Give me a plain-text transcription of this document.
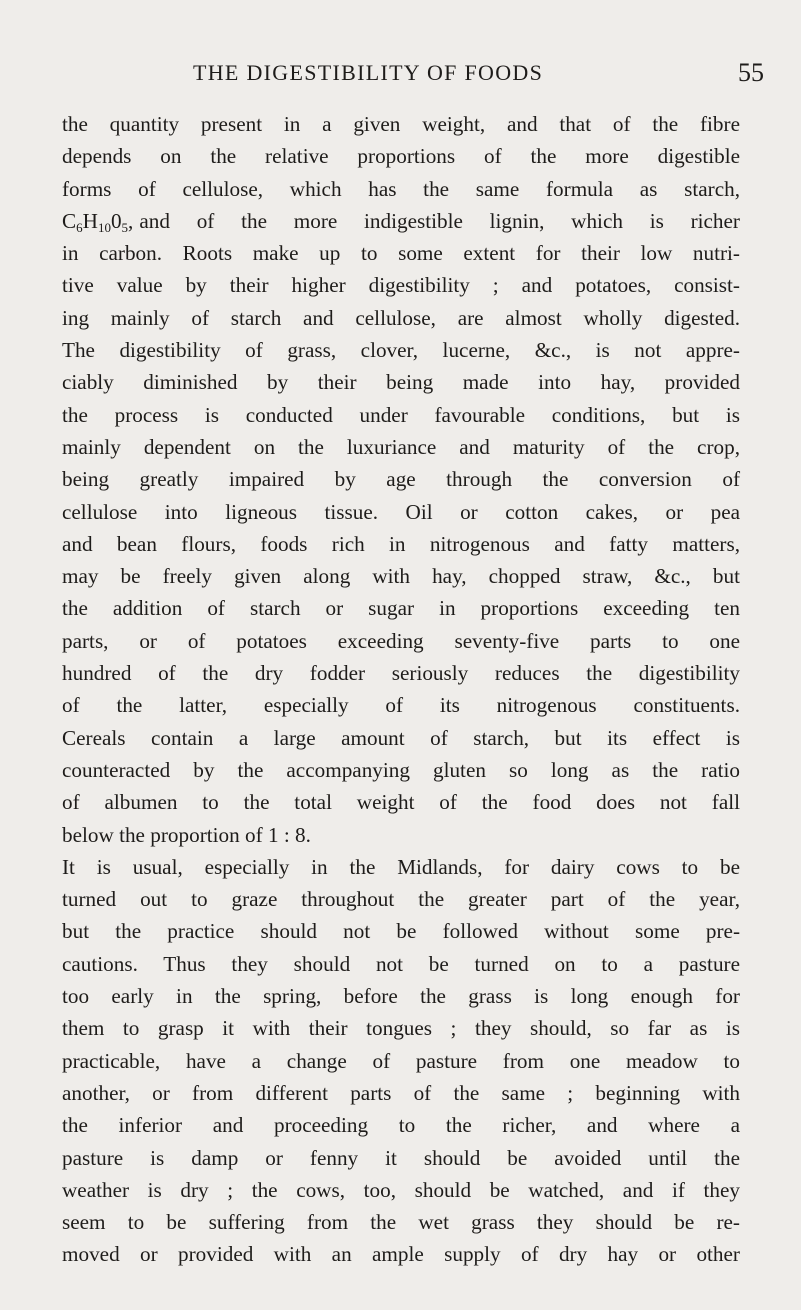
THE DIGESTIBILITY OF FOODS	55
the quantity present in a given weight, and that of the fibre
depends on the relative proportions of the more digestible
forms of cellulose, which has the same formula as starch,
$C_6H_{10}0_5$, and of the more indigestible lignin, which is richer
in carbon. Roots make up to some extent for their low nutri-
tive value by their higher digestibility ; and potatoes, consist-
ing mainly of starch and cellulose, are almost wholly digested.
The digestibility of grass, clover, lucerne, &c., is not appre-
ciably diminished by their being made into hay, provided
the process is conducted under favourable conditions, but is
mainly dependent on the luxuriance and maturity of the crop,
being greatly impaired by age through the conversion of
cellulose into ligneous tissue. Oil or cotton cakes, or pea
and bean flours, foods rich in nitrogenous and fatty matters,
may be freely given along with hay, chopped straw, &c., but
the addition of starch or sugar in proportions exceeding ten
parts, or of potatoes exceeding seventy-five parts to one
hundred of the dry fodder seriously reduces the digestibility
of the latter, especially of its nitrogenous constituents.
Cereals contain a large amount of starch, but its effect is
counteracted by the accompanying gluten so long as the ratio
of albumen to the total weight of the food does not fall
below the proportion of 1 : 8.
It is usual, especially in the Midlands, for dairy cows to be
turned out to graze throughout the greater part of the year,
but the practice should not be followed without some pre-
cautions. Thus they should not be turned on to a pasture
too early in the spring, before the grass is long enough for
them to grasp it with their tongues ; they should, so far as is
practicable, have a change of pasture from one meadow to
another, or from different parts of the same ; beginning with
the inferior and proceeding to the richer, and where a
pasture is damp or fenny it should be avoided until the
weather is dry ; the cows, too, should be watched, and if they
seem to be suffering from the wet grass they should be re-
moved or provided with an ample supply of dry hay or other
